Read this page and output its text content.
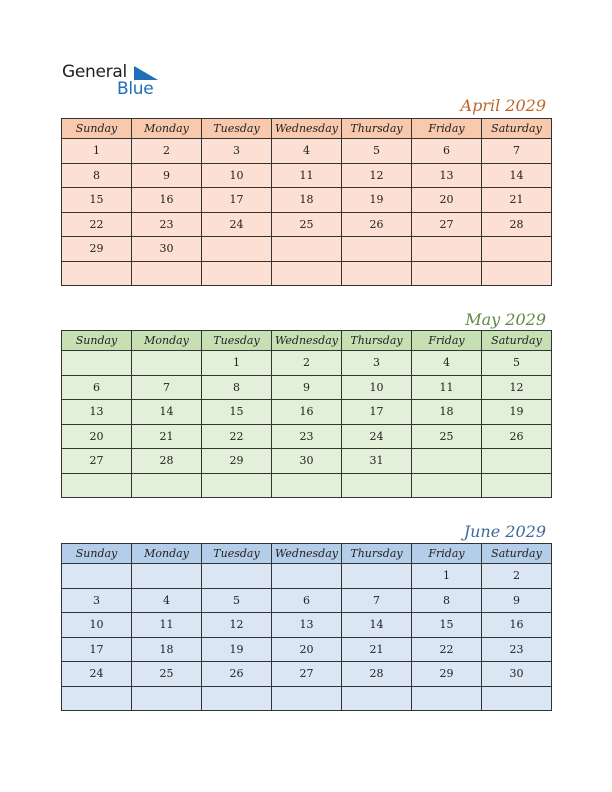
General
Blue
April 2029
Sunday	Monday	Tuesday	Wednesday	Thursday	Friday	Saturday
1	2	3	4	5	6	7
8	9	10	11	12	13	14
15	16	17	18	19	20	21
22	23	24	25	26	27	28
29	30					

May 2029
Sunday	Monday	Tuesday	Wednesday	Thursday	Friday	Saturday
		1	2	3	4	5
6	7	8	9	10	11	12
13	14	15	16	17	18	19
20	21	22	23	24	25	26
27	28	29	30	31		

June 2029
Sunday	Monday	Tuesday	Wednesday	Thursday	Friday	Saturday
					1	2
3	4	5	6	7	8	9
10	11	12	13	14	15	16
17	18	19	20	21	22	23
24	25	26	27	28	29	30
